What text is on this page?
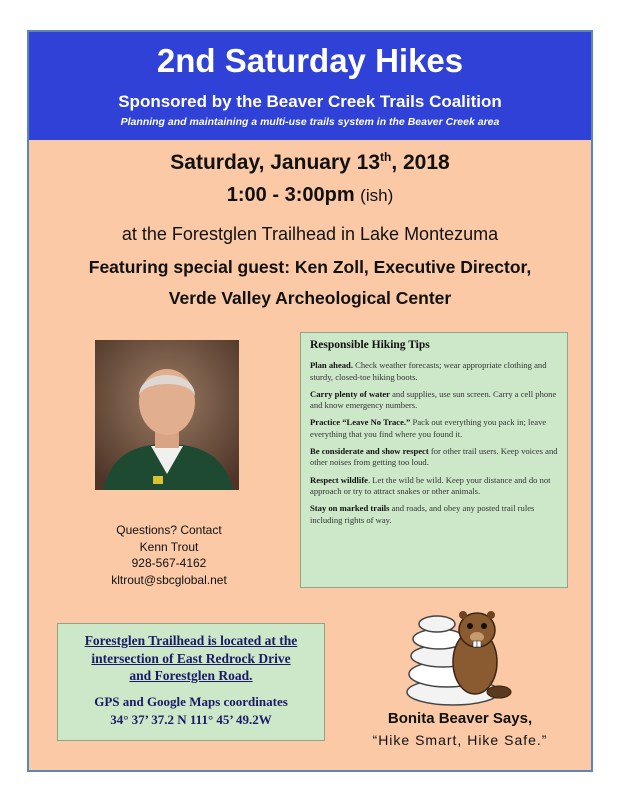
2nd Saturday Hikes
Sponsored by the Beaver Creek Trails Coalition
Planning and maintaining a multi-use trails system in the Beaver Creek area
Saturday, January 13th, 2018
1:00 - 3:00pm (ish)
at the Forestglen Trailhead in Lake Montezuma
Featuring special guest: Ken Zoll, Executive Director,
Verde Valley Archeological Center
Questions? Contact
Kenn Trout
928-567-4162
kltrout@sbcglobal.net
Responsible Hiking Tips
Plan ahead. Check weather forecasts; wear appropriate clothing and sturdy, closed-toe hiking boots.
Carry plenty of water and supplies, use sun screen. Carry a cell phone and know emergency numbers.
Practice “Leave No Trace.” Pack out everything you pack in; leave everything that you find where you found it.
Be considerate and show respect for other trail users. Keep voices and other noises from getting too loud.
Respect wildlife. Let the wild be wild. Keep your distance and do not approach or try to attract snakes or other animals.
Stay on marked trails and roads, and obey any posted trail rules including rights of way.
Forestglen Trailhead is located at the
intersection of East Redrock Drive
and Forestglen Road.
GPS and Google Maps coordinates
34° 37’ 37.2 N 111° 45’ 49.2W	Bonita Beaver Says,
“Hike Smart, Hike Safe.”
